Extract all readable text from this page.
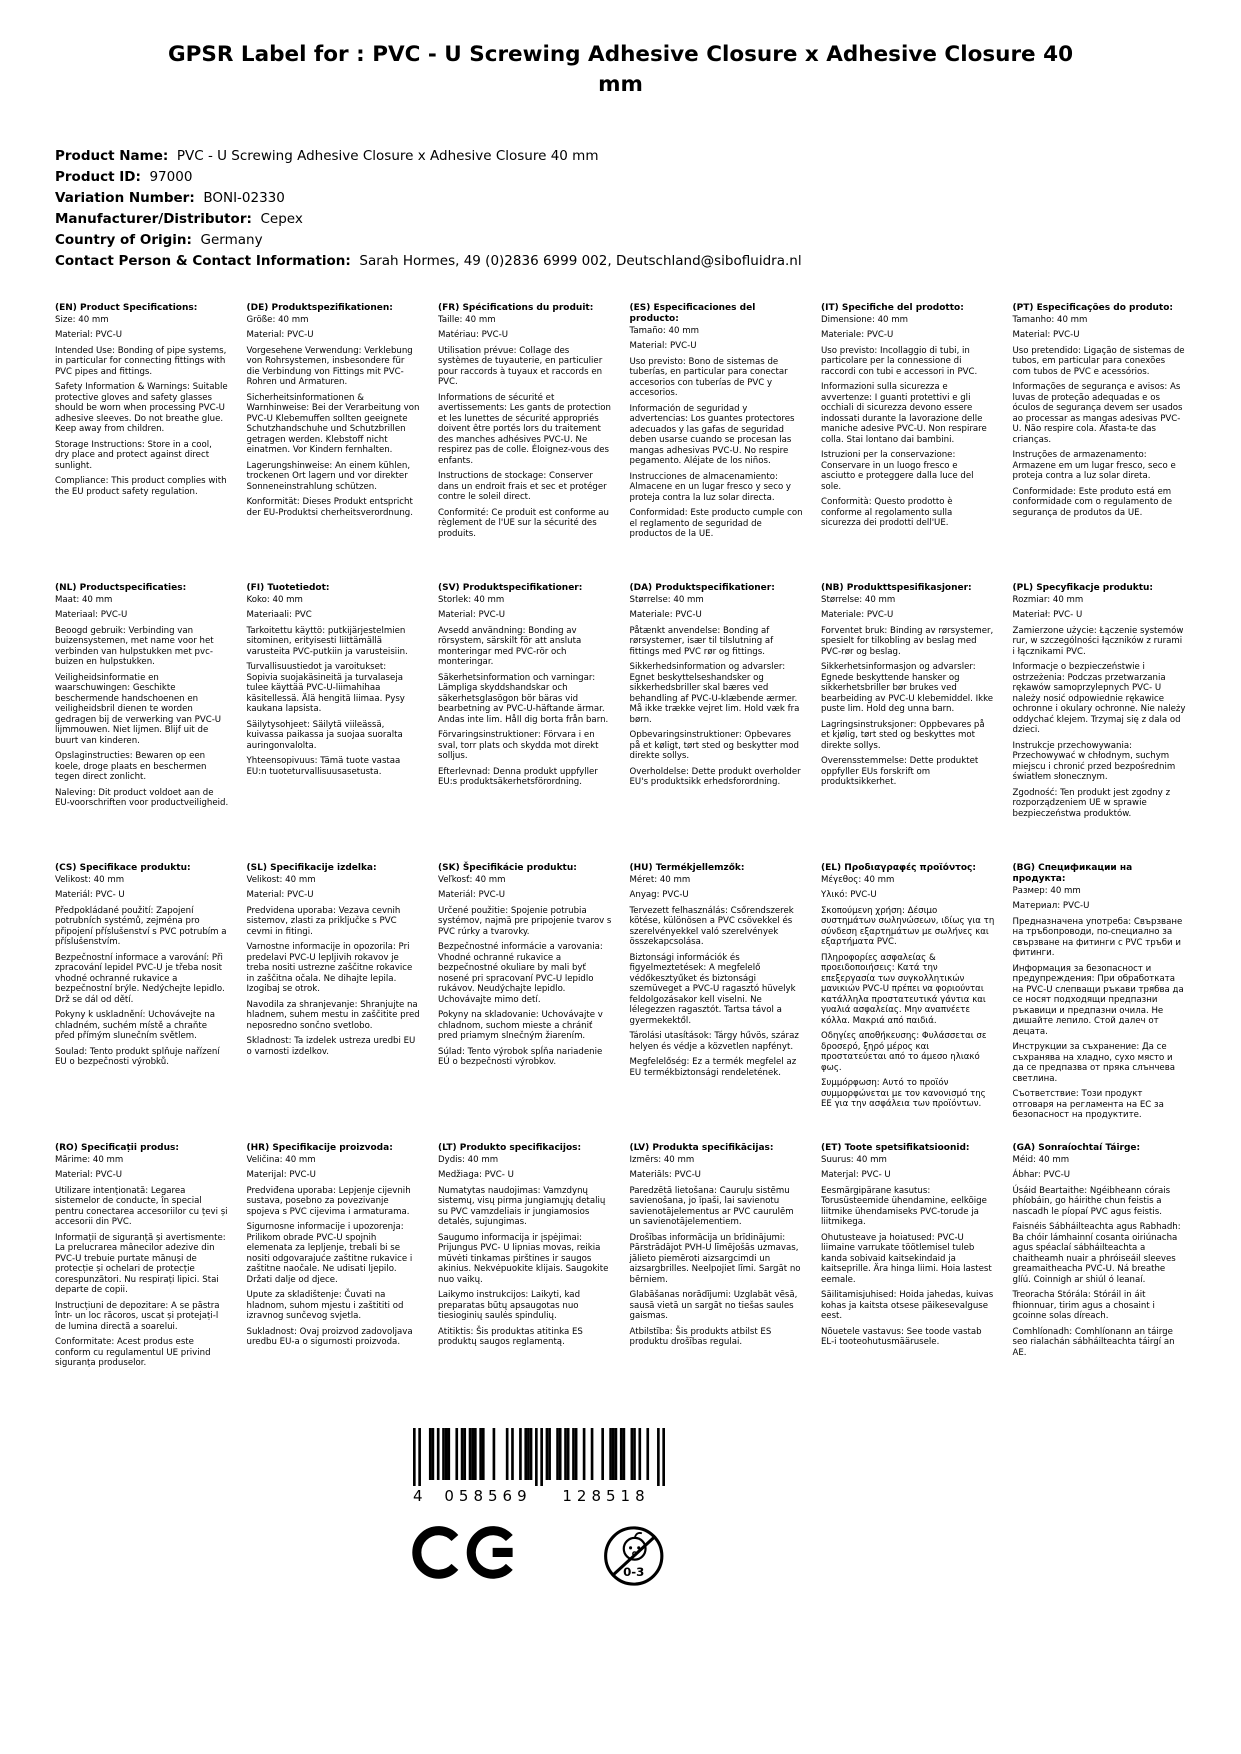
GPSR Label for : PVC - U Screwing Adhesive Closure x Adhesive Closure 40 mm
Product Name:  PVC - U Screwing Adhesive Closure x Adhesive Closure 40 mm
Product ID:  97000
Variation Number:  BONI-02330
Manufacturer/Distributor:  Cepex
Country of Origin:  Germany
Contact Person & Contact Information:  Sarah Hormes, 49 (0)2836 6999 002, Deutschland@sibofluidra.nl
(EN) Product Specifications:
Size: 40 mm
Material: PVC-U
Intended Use: Bonding of pipe systems, in particular for connecting fittings with PVC pipes and fittings.
Safety Information & Warnings: Suitable protective gloves and safety glasses should be worn when processing PVC-U adhesive sleeves. Do not breathe glue. Keep away from children.
Storage Instructions: Store in a cool, dry place and protect against direct sunlight.
Compliance: This product complies with the EU product safety regulation.
(DE) Produktspezifikationen:
Größe: 40 mm
Material: PVC-U
Vorgesehene Verwendung: Verklebung von Rohrsystemen, insbesondere für die Verbindung von Fittings mit PVC-Rohren und Armaturen.
Sicherheitsinformationen & Warnhinweise: Bei der Verarbeitung von PVC-U Klebemuffen sollten geeignete Schutzhandschuhe und Schutzbrillen getragen werden. Klebstoff nicht einatmen. Vor Kindern fernhalten.
Lagerungshinweise: An einem kühlen, trockenen Ort lagern und vor direkter Sonneneinstrahlung schützen.
Konformität: Dieses Produkt entspricht der EU-Produktsi cherheitsverordnung.
(FR) Spécifications du produit:
Taille: 40 mm
Matériau: PVC-U
Utilisation prévue: Collage des systèmes de tuyauterie, en particulier pour raccords à tuyaux et raccords en PVC.
Informations de sécurité et avertissements: Les gants de protection et les lunettes de sécurité appropriés doivent être portés lors du traitement des manches adhésives PVC-U. Ne respirez pas de colle. Éloignez-vous des enfants.
Instructions de stockage: Conserver dans un endroit frais et sec et protéger contre le soleil direct.
Conformité: Ce produit est conforme au règlement de l'UE sur la sécurité des produits.
(ES) Especificaciones del producto:
Tamaño: 40 mm
Material: PVC-U
Uso previsto: Bono de sistemas de tuberías, en particular para conectar accesorios con tuberías de PVC y accesorios.
Información de seguridad y advertencias: Los guantes protectores adecuados y las gafas de seguridad deben usarse cuando se procesan las mangas adhesivas PVC-U. No respire pegamento. Aléjate de los niños.
Instrucciones de almacenamiento: Almacene en un lugar fresco y seco y proteja contra la luz solar directa.
Conformidad: Este producto cumple con el reglamento de seguridad de productos de la UE.
(IT) Specifiche del prodotto:
Dimensione: 40 mm
Materiale: PVC-U
Uso previsto: Incollaggio di tubi, in particolare per la connessione di raccordi con tubi e accessori in PVC.
Informazioni sulla sicurezza e avvertenze: I guanti protettivi e gli occhiali di sicurezza devono essere indossati durante la lavorazione delle maniche adesive PVC-U. Non respirare colla. Stai lontano dai bambini.
Istruzioni per la conservazione: Conservare in un luogo fresco e asciutto e proteggere dalla luce del sole.
Conformità: Questo prodotto è conforme al regolamento sulla sicurezza dei prodotti dell'UE.
(PT) Especificações do produto:
Tamanho: 40 mm
Material: PVC-U
Uso pretendido: Ligação de sistemas de tubos, em particular para conexões com tubos de PVC e acessórios.
Informações de segurança e avisos: As luvas de proteção adequadas e os óculos de segurança devem ser usados ao processar as mangas adesivas PVC-U. Não respire cola. Afasta-te das crianças.
Instruções de armazenamento: Armazene em um lugar fresco, seco e proteja contra a luz solar direta.
Conformidade: Este produto está em conformidade com o regulamento de segurança de produtos da UE.
(NL) Productspecificaties:
Maat: 40 mm
Materiaal: PVC-U
Beoogd gebruik: Verbinding van buizensystemen, met name voor het verbinden van hulpstukken met pvc-buizen en hulpstukken.
Veiligheidsinformatie en waarschuwingen: Geschikte beschermende handschoenen en veiligheidsbril dienen te worden gedragen bij de verwerking van PVC-U lijmmouwen. Niet lijmen. Blijf uit de buurt van kinderen.
Opslaginstructies: Bewaren op een koele, droge plaats en beschermen tegen direct zonlicht.
Naleving: Dit product voldoet aan de EU-voorschriften voor productveiligheid.
(FI) Tuotetiedot:
Koko: 40 mm
Materiaali: PVC
Tarkoitettu käyttö: putkijärjestelmien sitominen, erityisesti liittämällä varusteita PVC-putkiin ja varusteisiin.
Turvallisuustiedot ja varoitukset: Sopivia suojakäsineitä ja turvalaseja tulee käyttää PVC-U-liimahihaa käsitellessä. Älä hengitä liimaa. Pysy kaukana lapsista.
Säilytysohjeet: Säilytä viileässä, kuivassa paikassa ja suojaa suoralta auringonvalolta.
Yhteensopivuus: Tämä tuote vastaa EU:n tuoteturvallisuusasetusta.
(SV) Produktspecifikationer:
Storlek: 40 mm
Material: PVC-U
Avsedd användning: Bonding av rörsystem, särskilt för att ansluta monteringar med PVC-rör och monteringar.
Säkerhetsinformation och varningar: Lämpliga skyddshandskar och säkerhetsglasögon bör bäras vid bearbetning av PVC-U-häftande ärmar. Andas inte lim. Håll dig borta från barn.
Förvaringsinstruktioner: Förvara i en sval, torr plats och skydda mot direkt solljus.
Efterlevnad: Denna produkt uppfyller EU:s produktsäkerhetsförordning.
(DA) Produktspecifikationer:
Størrelse: 40 mm
Materiale: PVC-U
Påtænkt anvendelse: Bonding af rørsystemer, især til tilslutning af fittings med PVC rør og fittings.
Sikkerhedsinformation og advarsler: Egnet beskyttelseshandsker og sikkerhedsbriller skal bæres ved behandling af PVC-U-klæbende ærmer. Må ikke trække vejret lim. Hold væk fra børn.
Opbevaringsinstruktioner: Opbevares på et køligt, tørt sted og beskytter mod direkte sollys.
Overholdelse: Dette produkt overholder EU's produktsikk erhedsforordning.
(NB) Produkttspesifikasjoner:
Størrelse: 40 mm
Materiale: PVC-U
Forventet bruk: Binding av rørsystemer, spesielt for tilkobling av beslag med PVC-rør og beslag.
Sikkerhetsinformasjon og advarsler: Egnede beskyttende hansker og sikkerhetsbriller bør brukes ved bearbeiding av PVC-U klebemiddel. Ikke puste lim. Hold deg unna barn.
Lagringsinstruksjoner: Oppbevares på et kjølig, tørt sted og beskyttes mot direkte sollys.
Overensstemmelse: Dette produktet oppfyller EUs forskrift om produktsikkerhet.
(PL) Specyfikacje produktu:
Rozmiar: 40 mm
Materiał: PVC- U
Zamierzone użycie: Łączenie systemów rur, w szczególności łączników z rurami i łącznikami PVC.
Informacje o bezpieczeństwie i ostrzeżenia: Podczas przetwarzania rękawów samoprzylepnych PVC- U należy nosić odpowiednie rękawice ochronne i okulary ochronne. Nie należy oddychać klejem. Trzymaj się z dala od dzieci.
Instrukcje przechowywania: Przechowywać w chłodnym, suchym miejscu i chronić przed bezpośrednim światłem słonecznym.
Zgodność: Ten produkt jest zgodny z rozporządzeniem UE w sprawie bezpieczeństwa produktów.
(CS) Specifikace produktu:
Velikost: 40 mm
Materiál: PVC- U
Předpokládané použití: Zapojení potrubních systémů, zejména pro připojení příslušenství s PVC potrubím a příslušenstvím.
Bezpečnostní informace a varování: Při zpracování lepidel PVC-U je třeba nosit vhodné ochranné rukavice a bezpečnostní brýle. Nedýchejte lepidlo. Drž se dál od dětí.
Pokyny k uskladnění: Uchovávejte na chladném, suchém místě a chraňte před přímým slunečním světlem.
Soulad: Tento produkt splňuje nařízení EU o bezpečnosti výrobků.
(SL) Specifikacije izdelka:
Velikost: 40 mm
Material: PVC-U
Predvidena uporaba: Vezava cevnih sistemov, zlasti za priključke s PVC cevmi in fitingi.
Varnostne informacije in opozorila: Pri predelavi PVC-U lepljivih rokavov je treba nositi ustrezne zaščitne rokavice in zaščitna očala. Ne dihajte lepila. Izogibaj se otrok.
Navodila za shranjevanje: Shranjujte na hladnem, suhem mestu in zaščitite pred neposredno sončno svetlobo.
Skladnost: Ta izdelek ustreza uredbi EU o varnosti izdelkov.
(SK) Špecifikácie produktu:
Veľkosť: 40 mm
Materiál: PVC-U
Určené použitie: Spojenie potrubia systémov, najmä pre pripojenie tvarov s PVC rúrky a tvarovky.
Bezpečnostné informácie a varovania: Vhodné ochranné rukavice a bezpečnostné okuliare by mali byť nosené pri spracovaní PVC-U lepidlo rukávov. Neudýchajte lepidlo. Uchovávajte mimo detí.
Pokyny na skladovanie: Uchovávajte v chladnom, suchom mieste a chrániť pred priamym slnečným žiarením.
Súlad: Tento výrobok spĺňa nariadenie EÚ o bezpečnosti výrobkov.
(HU) Termékjellemzők:
Méret: 40 mm
Anyag: PVC-U
Tervezett felhasználás: Csőrendszerek kötése, különösen a PVC csövekkel és szerelvényekkel való szerelvények összekapcsolása.
Biztonsági információk és figyelmeztetések: A megfelelő védőkesztyűket és biztonsági szemüveget a PVC-U ragasztó hüvelyk feldolgozásakor kell viselni. Ne lélegezzen ragasztót. Tartsa távol a gyermekektől.
Tárolási utasítások: Tárgy hűvös, száraz helyen és védje a közvetlen napfényt.
Megfelelőség: Ez a termék megfelel az EU termékbiztonsági rendeletének.
(EL) Προδιαγραφές προϊόντος:
Μέγεθος: 40 mm
Υλικό: PVC-U
Σκοπούμενη χρήση: Δέσιμο συστημάτων σωληνώσεων, ιδίως για τη σύνδεση εξαρτημάτων με σωλήνες και εξαρτήματα PVC.
Πληροφορίες ασφαλείας & προειδοποιήσεις: Κατά την επεξεργασία των συγκολλητικών μανικιών PVC-U πρέπει να φοριούνται κατάλληλα προστατευτικά γάντια και γυαλιά ασφαλείας. Μην αναπνέετε κόλλα. Μακριά από παιδιά.
Οδηγίες αποθήκευσης: Φυλάσσεται σε δροσερό, ξηρό μέρος και προστατεύεται από το άμεσο ηλιακό φως.
Συμμόρφωση: Αυτό το προϊόν συμμορφώνεται με τον κανονισμό της ΕΕ για την ασφάλεια των προϊόντων.
(BG) Спецификации на продукта:
Размер: 40 mm
Материал: PVC-U
Предназначена употреба: Свързване на тръбопроводи, по-специално за свързване на фитинги с PVC тръби и фитинги.
Информация за безопасност и предупреждения: При обработката на PVC-U слепващи ръкави трябва да се носят подходящи предпазни ръкавици и предпазни очила. Не дишайте лепило. Стой далеч от децата.
Инструкции за съхранение: Да се съхранява на хладно, сухо място и да се предпазва от пряка слънчева светлина.
Съответствие: Този продукт отговаря на регламента на ЕС за безопасност на продуктите.
(RO) Specificații produs:
Mărime: 40 mm
Material: PVC-U
Utilizare intenționată: Legarea sistemelor de conducte, în special pentru conectarea accesoriilor cu țevi și accesorii din PVC.
Informații de siguranță și avertismente: La prelucrarea mânecilor adezive din PVC-U trebuie purtate mănuși de protecție și ochelari de protecție corespunzători. Nu respirați lipici. Stai departe de copii.
Instrucțiuni de depozitare: A se păstra într- un loc răcoros, uscat și protejați-l de lumina directă a soarelui.
Conformitate: Acest produs este conform cu regulamentul UE privind siguranța produselor.
(HR) Specifikacije proizvoda:
Veličina: 40 mm
Materijal: PVC-U
Predviđena uporaba: Lepjenje cijevnih sustava, posebno za povezivanje spojeva s PVC cijevima i armaturama.
Sigurnosne informacije i upozorenja: Prilikom obrade PVC-U spojnih elemenata za lepljenje, trebali bi se nositi odgovarajuće zaštitne rukavice i zaštitne naočale. Ne udisati ljepilo. Držati dalje od djece.
Upute za skladištenje: Čuvati na hladnom, suhom mjestu i zaštititi od izravnog sunčevog svjetla.
Sukladnost: Ovaj proizvod zadovoljava uredbu EU-a o sigurnosti proizvoda.
(LT) Produkto specifikacijos:
Dydis: 40 mm
Medžiaga: PVC- U
Numatytas naudojimas: Vamzdynų sistemų, visų pirma jungiamųjų detalių su PVC vamzdeliais ir jungiamosios detalės, sujungimas.
Saugumo informacija ir įspėjimai: Prijungus PVC- U lipnias movas, reikia mūvėti tinkamas pirštines ir saugos akinius. Nekvėpuokite klijais. Saugokite nuo vaikų.
Laikymo instrukcijos: Laikyti, kad preparatas būtų apsaugotas nuo tiesioginių saulės spindulių.
Atitiktis: Šis produktas atitinka ES produktų saugos reglamentą.
(LV) Produkta specifikācijas:
Izmērs: 40 mm
Materiāls: PVC-U
Paredzētā lietošana: Cauruļu sistēmu savienošana, jo īpaši, lai savienotu savienotājelementus ar PVC caurulēm un savienotājelementiem.
Drošības informācija un brīdinājumi: Pārstrādājot PVH-U līmējošās uzmavas, jālieto piemēroti aizsargcimdi un aizsargbrilles. Neelpojiet līmi. Sargāt no bērniem.
Glabāšanas norādījumi: Uzglabāt vēsā, sausā vietā un sargāt no tiešas saules gaismas.
Atbilstība: Šis produkts atbilst ES produktu drošības regulai.
(ET) Toote spetsifikatsioonid:
Suurus: 40 mm
Materjal: PVC- U
Eesmärgipärane kasutus: Torusüsteemide ühendamine, eelkõige liitmike ühendamiseks PVC-torude ja liitmikega.
Ohutusteave ja hoiatused: PVC-U liimaine varrukate töötlemisel tuleb kanda sobivaid kaitsekindaid ja kaitseprille. Ära hinga liimi. Hoia lastest eemale.
Säilitamisjuhised: Hoida jahedas, kuivas kohas ja kaitsta otsese päikesevalguse eest.
Nõuetele vastavus: See toode vastab EL-i tooteohutusmäärusele.
(GA) Sonraíochtaí Táirge:
Méid: 40 mm
Ábhar: PVC-U
Úsáid Beartaithe: Ngéibheann córais phíobáin, go háirithe chun feistis a nascadh le píopaí PVC agus feistis.
Faisnéis Sábháilteachta agus Rabhadh: Ba chóir lámhainní cosanta oiriúnacha agus spéaclaí sábháilteachta a chaitheamh nuair a phróiseáil sleeves greamaitheacha PVC-U. Ná breathe glíú. Coinnigh ar shiúl ó leanaí.
Treoracha Stórála: Stóráil in áit fhionnuar, tirim agus a chosaint i gcoinne solas díreach.
Comhlíonadh: Comhlíonann an táirge seo rialachán sábháilteachta táirgí an AE.
4	058569	128518
0-3
